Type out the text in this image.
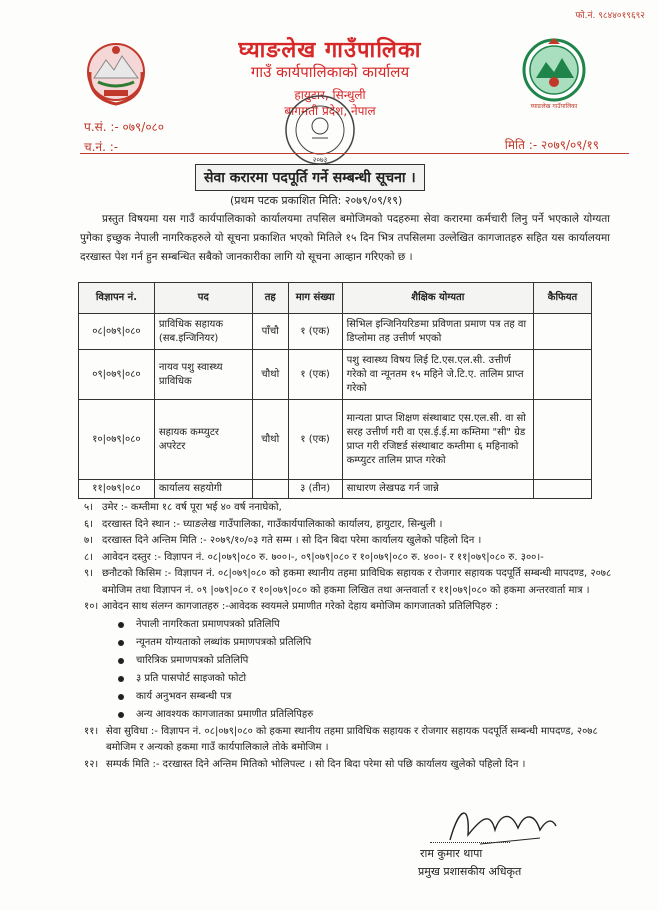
फो.नं. ९८४४०१९६९२
घ्याङलेख गाउँपालिका
घ्याङलेख गाउँपालिका
गाउँ कार्यपालिकाको कार्यालय
हायुटार, सिन्धुली
बागमती प्रदेश, नेपाल
२०७३
प.सं. :- ०७९/०८०
च.नं. :-	मिति :- २०७९/०९/१९
सेवा करारमा पदपूर्ति गर्ने सम्बन्धी सूचना ।
(प्रथम पटक प्रकाशित मिति: २०७९/०९/१९)
प्रस्तुत विषयमा यस गाउँ कार्यपालिकाको कार्यालयमा तपसिल बमोजिमको पदहरुमा सेवा करारमा कर्मचारी लिनु पर्ने भएकाले योग्यता पुगेका इच्छुक नेपाली नागरिकहरुले यो सूचना प्रकाशित भएको मितिले १५ दिन भित्र तपसिलमा उल्लेखित कागजातहरु सहित यस कार्यालयमा दरखास्त पेश गर्न हुन सम्बन्धित सबैको जानकारीका लागि यो सूचना आव्हान गरिएको छ ।
विज्ञापन नं.	पद	तह	माग संख्या	शैक्षिक योग्यता	कैफियत
०८|०७९|०८०	प्राविधिक सहायक (सब.इन्जिनियर)	पाँचौ	१ (एक)	सिभिल इन्जिनियरिङमा प्रविणता प्रमाण पत्र तह वा डिप्लोमा तह उत्तीर्ण भएको	
०९|०७९|०८०	नायव पशु स्वास्थ्य प्राविधिक	चौथो	१ (एक)	पशु स्वास्थ्य विषय लिई टि.एस.एल.सी. उत्तीर्ण गरेको वा न्यूनतम १५ महिने जे.टि.ए. तालिम प्राप्त गरेको	
१०|०७९|०८०	सहायक कम्प्युटर अपरेटर	चौथो	१ (एक)	मान्यता प्राप्त शिक्षण संस्थाबाट एस.एल.सी. वा सो सरह उत्तीर्ण गरी वा एस.ई.ई.मा कम्तिमा "सी" ग्रेड प्राप्त गरी रजिष्टर्ड संस्थाबाट कम्तीमा ६ महिनाको कम्प्युटर तालिम प्राप्त गरेको	
११|०७९|०८०	कार्यालय सहयोगी		३ (तीन)	साधारण लेखपढ गर्न जान्ने	
५। उमेर :- कम्तीमा १८ वर्ष पूरा भई ४० वर्ष ननाघेको,
६। दरखास्त दिने स्थान :- घ्याङलेख गाउँपालिका, गाउँकार्यपालिकाको कार्यालय, हायुटार, सिन्धुली ।
७। दरखास्त दिने अन्तिम मिति :- २०७९/१०/०३ गते सम्म । सो दिन बिदा परेमा कार्यालय खुलेको पहिलो दिन ।
८। आवेदन दस्तुर :- विज्ञापन नं. ०८|०७९|०८० रु. ७००।-, ०९|०७९|०८० र १०|०७९|०८० रु. ४००।- र ११|०७९|०८० रु. ३००।-
९। छनौटको किसिम :- विज्ञापन नं. ०८|०७९|०८० को हकमा स्थानीय तहमा प्राविधिक सहायक र रोजगार सहायक पदपूर्ति सम्बन्धी मापदण्ड, २०७८ बमोजिम तथा विज्ञापन नं. ०९ |०७९|०८० र १०|०७९|०८० को हकमा लिखित तथा अन्तवार्ता र ११|०७९|०८० को हकमा अन्तरवार्ता मात्र ।
१०। आवेदन साथ संलग्न कागजातहरु :-आवेदक स्वयमले प्रमाणीत गरेको देहाय बमोजिम कागजातको प्रतिलिपिहरु :
नेपाली नागरिकता प्रमाणपत्रको प्रतिलिपि
न्यूनतम योग्यताको लब्धांक प्रमाणपत्रको प्रतिलिपि
चारित्रिक प्रमाणपत्रको प्रतिलिपि
३ प्रति पासपोर्ट साइजको फोटो
कार्य अनुभवन सम्बन्धी पत्र
अन्य आवश्यक कागजातका प्रमाणीत प्रतिलिपिहरु
११। सेवा सुविधा :- विज्ञापन नं. ०८|०७९|०८० को हकमा स्थानीय तहमा प्राविधिक सहायक र रोजगार सहायक पदपूर्ति सम्बन्धी मापदण्ड, २०७८ बमोजिम र अन्यको हकमा गाउँ कार्यपालिकाले तोके बमोजिम ।
१२। सम्पर्क मिति :- दरखास्त दिने अन्तिम मितिको भोलिपल्ट । सो दिन बिदा परेमा सो पछि कार्यालय खुलेको पहिलो दिन ।
राम कुमार थापा
प्रमुख प्रशासकीय अधिकृत
